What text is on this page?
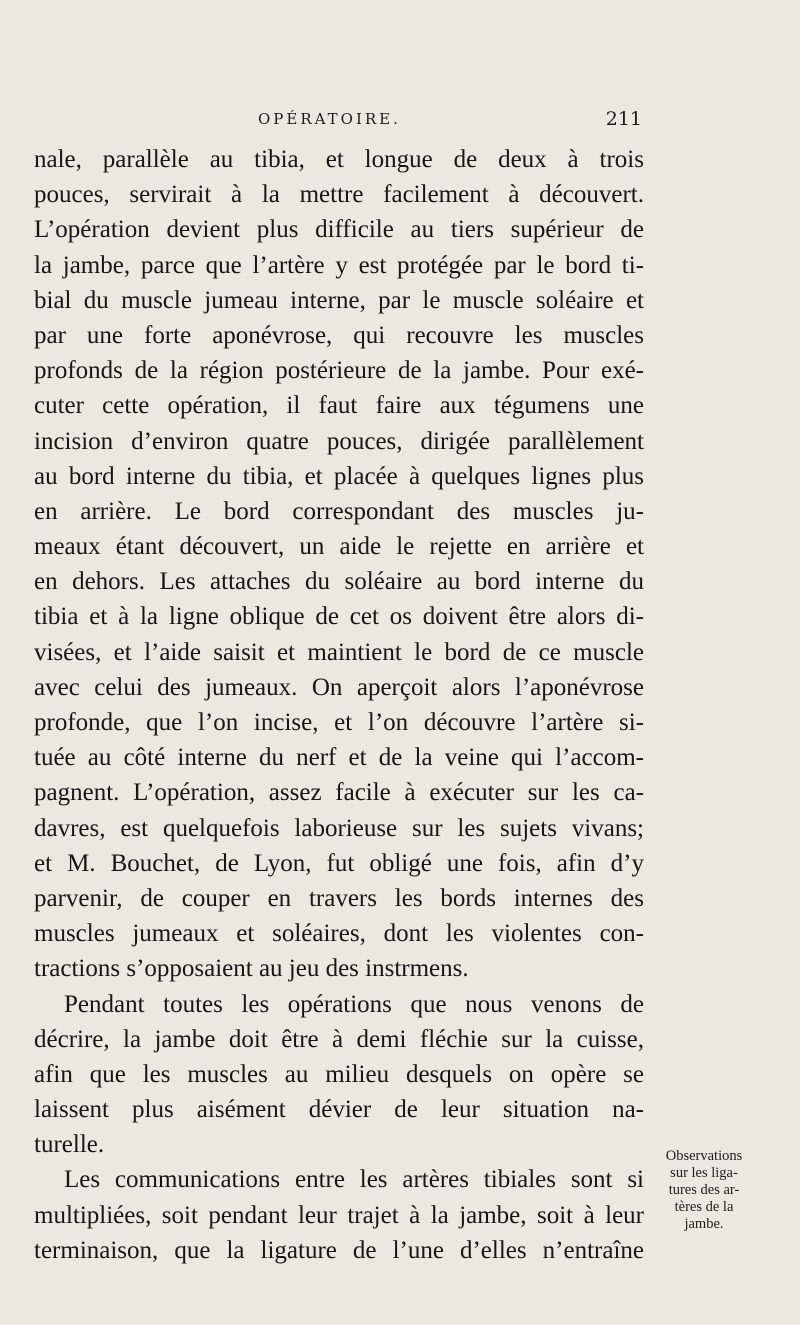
OPÉRATOIRE.	211
nale, parallèle au tibia, et longue de deux à trois
pouces, servirait à la mettre facilement à découvert.
L’opération devient plus difficile au tiers supérieur de
la jambe, parce que l’artère y est protégée par le bord ti-
bial du muscle jumeau interne, par le muscle soléaire et
par une forte aponévrose, qui recouvre les muscles
profonds de la région postérieure de la jambe. Pour exé-
cuter cette opération, il faut faire aux tégumens une
incision d’environ quatre pouces, dirigée parallèlement
au bord interne du tibia, et placée à quelques lignes plus
en arrière. Le bord correspondant des muscles ju-
meaux étant découvert, un aide le rejette en arrière et
en dehors. Les attaches du soléaire au bord interne du
tibia et à la ligne oblique de cet os doivent être alors di-
visées, et l’aide saisit et maintient le bord de ce muscle
avec celui des jumeaux. On aperçoit alors l’aponévrose
profonde, que l’on incise, et l’on découvre l’artère si-
tuée au côté interne du nerf et de la veine qui l’accom-
pagnent. L’opération, assez facile à exécuter sur les ca-
davres, est quelquefois laborieuse sur les sujets vivans;
et M. Bouchet, de Lyon, fut obligé une fois, afin d’y
parvenir, de couper en travers les bords internes des
muscles jumeaux et soléaires, dont les violentes con-
tractions s’opposaient au jeu des instrmens.
Pendant toutes les opérations que nous venons de
décrire, la jambe doit être à demi fléchie sur la cuisse,
afin que les muscles au milieu desquels on opère se
laissent plus aisément dévier de leur situation na-
turelle.
Les communications entre les artères tibiales sont si
multipliées, soit pendant leur trajet à la jambe, soit à leur
terminaison, que la ligature de l’une d’elles n’entraîne
Observations
sur les liga-
tures des ar-
tères de la
jambe.
